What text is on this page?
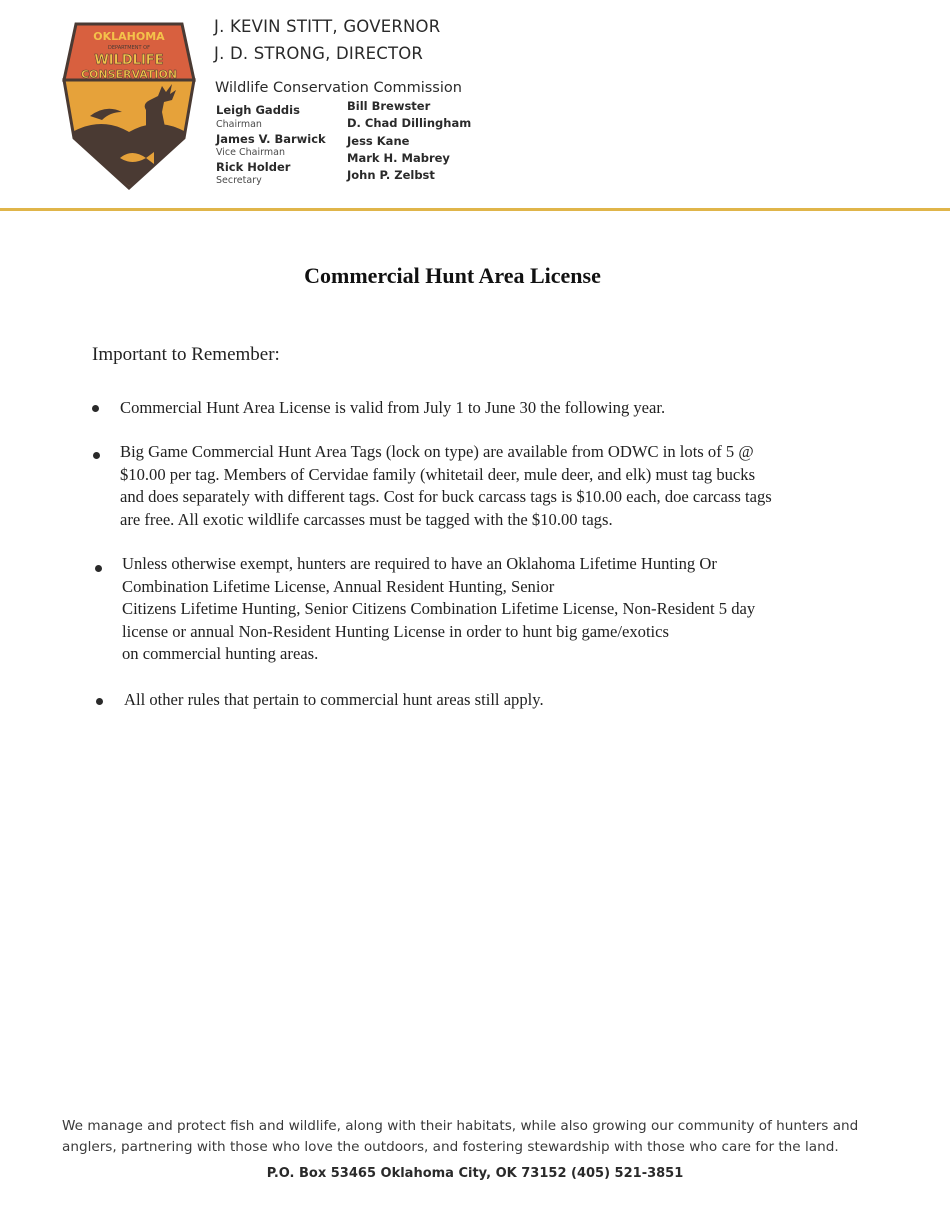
OKLAHOMA
DEPARTMENT OF
WILDLIFE
CONSERVATION
J. KEVIN STITT, GOVERNOR
J. D. STRONG, DIRECTOR
Wildlife Conservation Commission
Leigh Gaddis
Chairman
James V. Barwick
Vice Chairman
Rick Holder
Secretary
Bill Brewster
D. Chad Dillingham
Jess Kane
Mark H. Mabrey
John P. Zelbst
Commercial Hunt Area License
Important to Remember:
Commercial Hunt Area License is valid from July 1 to June 30 the following year.
Big Game Commercial Hunt Area Tags (lock on type) are available from ODWC in lots of 5 @
$10.00 per tag. Members of Cervidae family (whitetail deer, mule deer, and elk) must tag bucks
and does separately with different tags. Cost for buck carcass tags is $10.00 each, doe carcass tags
are free. All exotic wildlife carcasses must be tagged with the $10.00 tags.
Unless otherwise exempt, hunters are required to have an Oklahoma Lifetime Hunting Or
Combination Lifetime License, Annual Resident Hunting, Senior
Citizens Lifetime Hunting, Senior Citizens Combination Lifetime License, Non-Resident 5 day
license or annual Non-Resident Hunting License in order to hunt big game/exotics
on commercial hunting areas.
All other rules that pertain to commercial hunt areas still apply.
We manage and protect fish and wildlife, along with their habitats, while also growing our community of hunters and
anglers, partnering with those who love the outdoors, and fostering stewardship with those who care for the land.
P.O. Box 53465 Oklahoma City, OK 73152 (405) 521-3851
